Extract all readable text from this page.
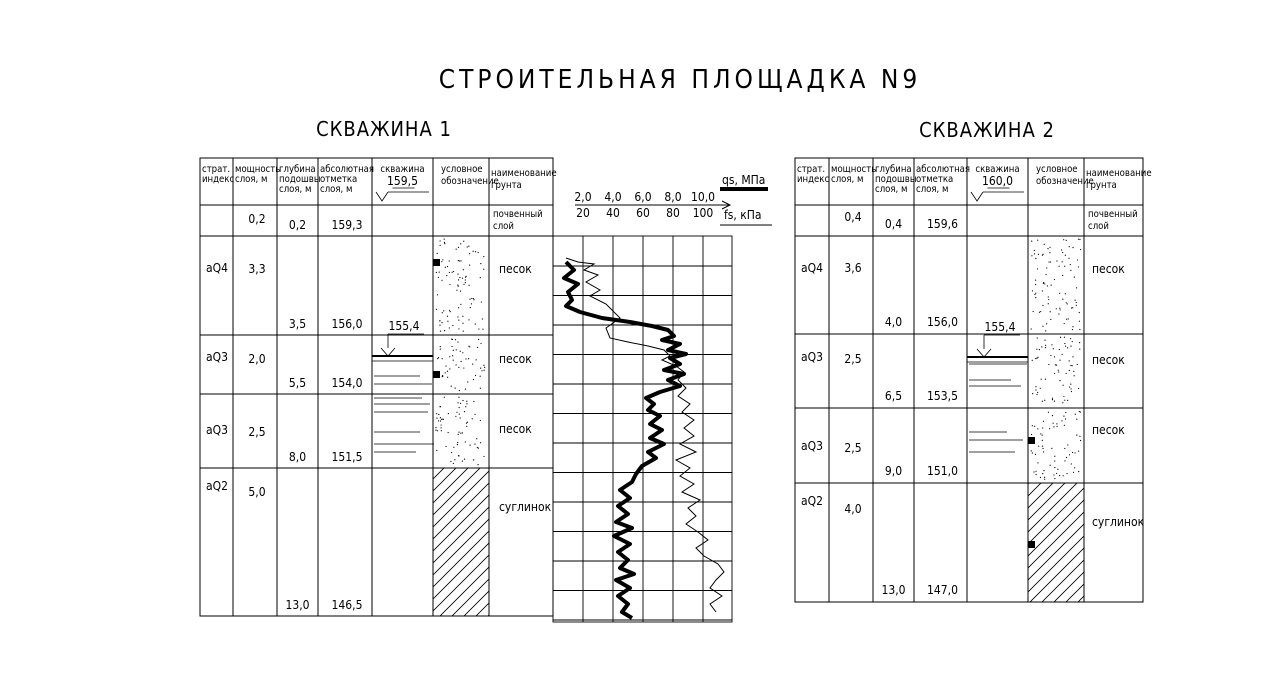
СТРОИТЕЛЬНАЯ ПЛОЩАДКА N9
СКВАЖИНА 1	СКВАЖИНА 2
страт.
индекс
мощность
слоя, м
глубина
подошвы
слоя, м
абсолютная
отметка
слоя, м
скважина
159,5
условное
обозначение
наименование
грунта
0,2 0,2 159,3
почвенный
слой
aQ4 3,3
3,5 156,0
песок
aQ3 2,0
5,5 154,0
песок
aQ3 2,5
8,0 151,5
песок
aQ2 5,0
13,0 146,5
суглинок
155,4
страт.
индекс
мощность
слоя, м
глубина
подошвы
слоя, м
абсолютная
отметка
слоя, м
скважина
160,0
условное
обозначение
наименование
грунта
0,4 0,4 159,6
почвенный
слой
aQ4 3,6
4,0 156,0
песок
aQ3 2,5
6,5 153,5
песок
aQ3 2,5
9,0 151,0
песок
aQ2
4,0
13,0 147,0
суглинок
155,4
2,0 4,0 6,0 8,0 10,0
20 40 60 80 100
qs, МПа
fs, кПа
